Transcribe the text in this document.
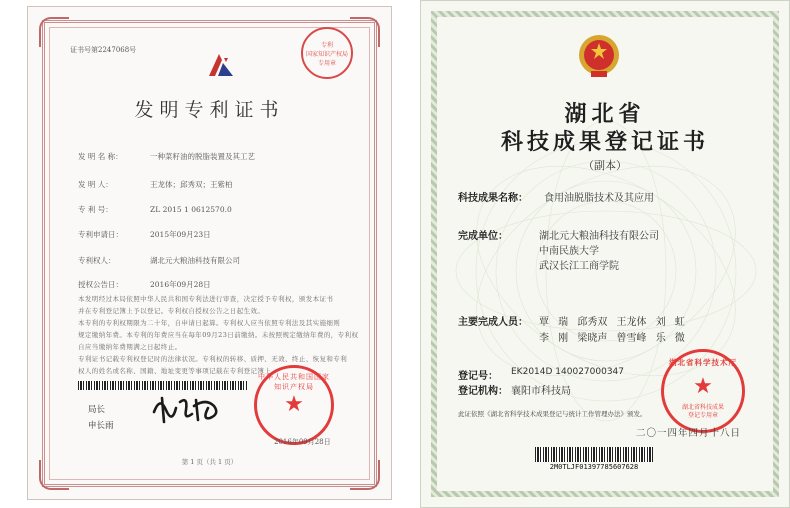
证书号第2247068号
专利
国家知识产权局
专用章
发明专利证书
发 明 名 称：	一种菜籽油的脱脂装置及其工艺
发 明 人：	王龙体；邱秀双；王紫柏
专 利 号：	ZL 2015 1 0612570.0
专利申请日：	2015年09月23日
专利权人：	湖北元大粮油科技有限公司
授权公告日：	2016年09月28日
本发明经过本局依照中华人民共和国专利法进行审查，决定授予专利权，颁发本证书
并在专利登记簿上予以登记。专利权自授权公告之日起生效。
本专利的专利权期限为二十年，自申请日起算。专利权人应当依照专利法及其实施细则
规定缴纳年费。本专利的年费应当在每年09月23日前缴纳。未按照规定缴纳年费的，专利权
自应当缴纳年费期满之日起终止。
专利证书记载专利权登记时的法律状况。专利权的转移、质押、无效、终止、恢复和专利
权人的姓名或名称、国籍、地址变更等事项记载在专利登记簿上。
局长
申长雨
中华人民共和国国家知识产权局
★
2016年09月28日
第 1 页（共 1 页）
湖北省
科技成果登记证书
（副本）
科技成果名称： 食用油脱脂技术及其应用
完成单位：	湖北元大粮油科技有限公司
中南民族大学
武汉长江工商学院
主要完成人员： 覃 瑞 邱秀双 王龙体 刘 虹
李 刚 梁晓声 曾雪峰 乐 微
登记号： EK2014D 140027000347
登记机构： 襄阳市科技局
此证依照《湖北省科学技术成果登记与统计工作管理办法》颁发。
湖北省科学技术厅
★
湖北省科技成果
登记专用章
二〇一四年四月十八日
2M0TLJF01397785607628
